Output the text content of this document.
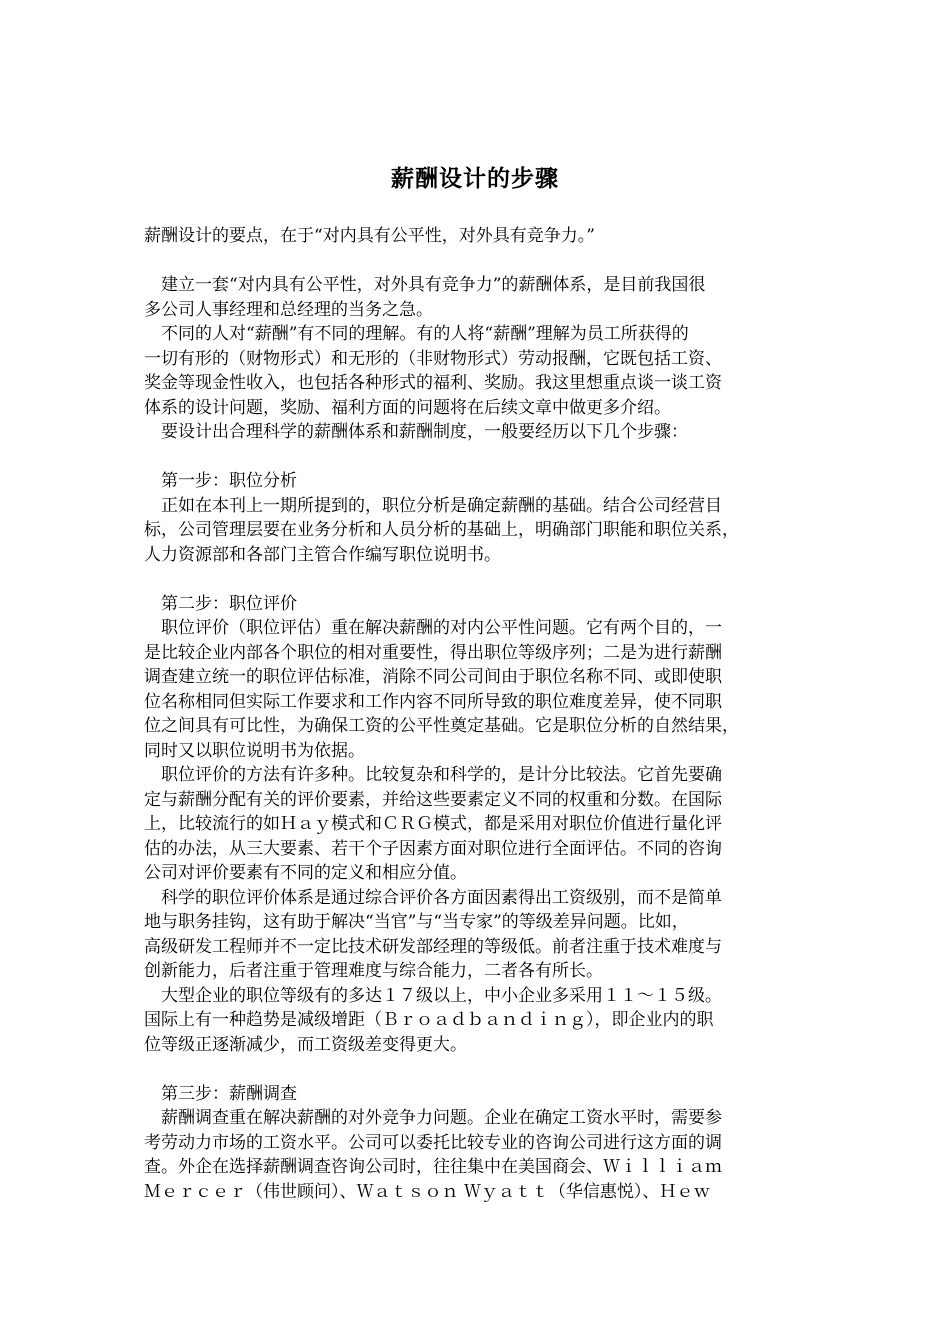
薪酬设计的步骤
薪酬设计的要点，在于“对内具有公平性，对外具有竞争力。”
　建立一套“对内具有公平性，对外具有竞争力”的薪酬体系，是目前我国很
多公司人事经理和总经理的当务之急。
　不同的人对“薪酬”有不同的理解。有的人将“薪酬”理解为员工所获得的
一切有形的（财物形式）和无形的（非财物形式）劳动报酬，它既包括工资、
奖金等现金性收入，也包括各种形式的福利、奖励。我这里想重点谈一谈工资
体系的设计问题，奖励、福利方面的问题将在后续文章中做更多介绍。
　要设计出合理科学的薪酬体系和薪酬制度，一般要经历以下几个步骤：
　第一步：职位分析
　正如在本刊上一期所提到的，职位分析是确定薪酬的基础。结合公司经营目
标，公司管理层要在业务分析和人员分析的基础上，明确部门职能和职位关系，
人力资源部和各部门主管合作编写职位说明书。
　第二步：职位评价
　职位评价（职位评估）重在解决薪酬的对内公平性问题。它有两个目的，一
是比较企业内部各个职位的相对重要性，得出职位等级序列；二是为进行薪酬
调查建立统一的职位评估标准，消除不同公司间由于职位名称不同、或即使职
位名称相同但实际工作要求和工作内容不同所导致的职位难度差异，使不同职
位之间具有可比性，为确保工资的公平性奠定基础。它是职位分析的自然结果，
同时又以职位说明书为依据。
　职位评价的方法有许多种。比较复杂和科学的，是计分比较法。它首先要确
定与薪酬分配有关的评价要素，并给这些要素定义不同的权重和分数。在国际
上，比较流行的如Ｈａｙ模式和ＣＲＧ模式，都是采用对职位价值进行量化评
估的办法，从三大要素、若干个子因素方面对职位进行全面评估。不同的咨询
公司对评价要素有不同的定义和相应分值。
　科学的职位评价体系是通过综合评价各方面因素得出工资级别，而不是简单
地与职务挂钩，这有助于解决“当官”与“当专家”的等级差异问题。比如，
高级研发工程师并不一定比技术研发部经理的等级低。前者注重于技术难度与
创新能力，后者注重于管理难度与综合能力，二者各有所长。
　大型企业的职位等级有的多达１７级以上，中小企业多采用１１～１５级。
国际上有一种趋势是减级增距（Ｂｒｏａｄｂａｎｄｉｎｇ），即企业内的职
位等级正逐渐减少，而工资级差变得更大。
　第三步：薪酬调查
　薪酬调查重在解决薪酬的对外竞争力问题。企业在确定工资水平时，需要参
考劳动力市场的工资水平。公司可以委托比较专业的咨询公司进行这方面的调
查。外企在选择薪酬调查咨询公司时，往往集中在美国商会、Ｗｉｌｌｉａｍ
Ｍｅｒｃｅｒ（伟世顾问）、Ｗａｔｓｏｎ Ｗｙａｔｔ（华信惠悦）、Ｈｅｗ
